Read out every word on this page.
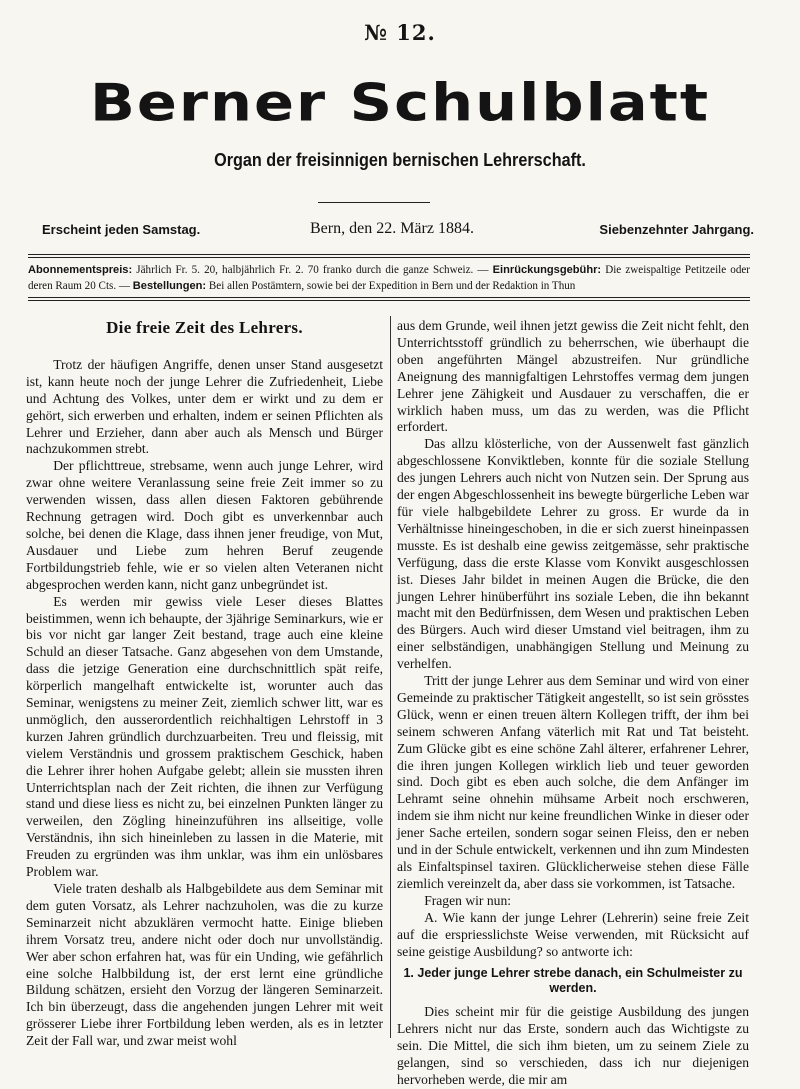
№ 12.
Berner Schulblatt
Organ der freisinnigen bernischen Lehrerschaft.
Erscheint jeden Samstag.	Bern, den 22. März 1884.	Siebenzehnter Jahrgang.
Abonnementspreis: Jährlich Fr. 5. 20, halbjährlich Fr. 2. 70 franko durch die ganze Schweiz. — Einrückungsgebühr: Die zweispaltige Petitzeile oder deren Raum 20 Cts. — Bestellungen: Bei allen Postämtern, sowie bei der Expedition in Bern und der Redaktion in Thun
Die freie Zeit des Lehrers.

Trotz der häufigen Angriffe, denen unser Stand ausgesetzt ist, kann heute noch der junge Lehrer die Zufriedenheit, Liebe und Achtung des Volkes, unter dem er wirkt und zu dem er gehört, sich erwerben und erhalten, indem er seinen Pflichten als Lehrer und Erzieher, dann aber auch als Mensch und Bürger nachzukommen strebt.

Der pflichttreue, strebsame, wenn auch junge Lehrer, wird zwar ohne weitere Veranlassung seine freie Zeit immer so zu verwenden wissen, dass allen diesen Faktoren gebührende Rechnung getragen wird. Doch gibt es unverkennbar auch solche, bei denen die Klage, dass ihnen jener freudige, von Mut, Ausdauer und Liebe zum hehren Beruf zeugende Fortbildungstrieb fehle, wie er so vielen alten Veteranen nicht abgesprochen werden kann, nicht ganz unbegründet ist.

Es werden mir gewiss viele Leser dieses Blattes beistimmen, wenn ich behaupte, der 3jährige Seminarkurs, wie er bis vor nicht gar langer Zeit bestand, trage auch eine kleine Schuld an dieser Tatsache. Ganz abgesehen von dem Umstande, dass die jetzige Generation eine durchschnittlich spät reife, körperlich mangelhaft entwickelte ist, worunter auch das Seminar, wenigstens zu meiner Zeit, ziemlich schwer litt, war es unmöglich, den ausserordentlich reichhaltigen Lehrstoff in 3 kurzen Jahren gründlich durchzuarbeiten. Treu und fleissig, mit vielem Verständnis und grossem praktischem Geschick, haben die Lehrer ihrer hohen Aufgabe gelebt; allein sie mussten ihren Unterrichtsplan nach der Zeit richten, die ihnen zur Verfügung stand und diese liess es nicht zu, bei einzelnen Punkten länger zu verweilen, den Zögling hineinzuführen ins allseitige, volle Verständnis, ihn sich hineinleben zu lassen in die Materie, mit Freuden zu ergründen was ihm unklar, was ihm ein unlösbares Problem war.

Viele traten deshalb als Halbgebildete aus dem Seminar mit dem guten Vorsatz, als Lehrer nachzuholen, was die zu kurze Seminarzeit nicht abzuklären vermocht hatte. Einige blieben ihrem Vorsatz treu, andere nicht oder doch nur unvollständig. Wer aber schon erfahren hat, was für ein Unding, wie gefährlich eine solche Halbbildung ist, der erst lernt eine gründliche Bildung schätzen, ersieht den Vorzug der längeren Seminarzeit. Ich bin überzeugt, dass die angehenden jungen Lehrer mit weit grösserer Liebe ihrer Fortbildung leben werden, als es in letzter Zeit der Fall war, und zwar meist wohl

aus dem Grunde, weil ihnen jetzt gewiss die Zeit nicht fehlt, den Unterrichtsstoff gründlich zu beherrschen, wie überhaupt die oben angeführten Mängel abzustreifen. Nur gründliche Aneignung des mannigfaltigen Lehrstoffes vermag dem jungen Lehrer jene Zähigkeit und Ausdauer zu verschaffen, die er wirklich haben muss, um das zu werden, was die Pflicht erfordert.

Das allzu klösterliche, von der Aussenwelt fast gänzlich abgeschlossene Konviktleben, konnte für die soziale Stellung des jungen Lehrers auch nicht von Nutzen sein. Der Sprung aus der engen Abgeschlossenheit ins bewegte bürgerliche Leben war für viele halbgebildete Lehrer zu gross. Er wurde da in Verhältnisse hineingeschoben, in die er sich zuerst hineinpassen musste. Es ist deshalb eine gewiss zeitgemässe, sehr praktische Verfügung, dass die erste Klasse vom Konvikt ausgeschlossen ist. Dieses Jahr bildet in meinen Augen die Brücke, die den jungen Lehrer hinüberführt ins soziale Leben, die ihn bekannt macht mit den Bedürfnissen, dem Wesen und praktischen Leben des Bürgers. Auch wird dieser Umstand viel beitragen, ihm zu einer selbständigen, unabhängigen Stellung und Meinung zu verhelfen.

Tritt der junge Lehrer aus dem Seminar und wird von einer Gemeinde zu praktischer Tätigkeit angestellt, so ist sein grösstes Glück, wenn er einen treuen ältern Kollegen trifft, der ihm bei seinem schweren Anfang väterlich mit Rat und Tat beisteht. Zum Glücke gibt es eine schöne Zahl älterer, erfahrener Lehrer, die ihren jungen Kollegen wirklich lieb und teuer geworden sind. Doch gibt es eben auch solche, die dem Anfänger im Lehramt seine ohnehin mühsame Arbeit noch erschweren, indem sie ihm nicht nur keine freundlichen Winke in dieser oder jener Sache erteilen, sondern sogar seinen Fleiss, den er neben und in der Schule entwickelt, verkennen und ihn zum Mindesten als Einfaltspinsel taxiren. Glücklicherweise stehen diese Fälle ziemlich vereinzelt da, aber dass sie vorkommen, ist Tatsache.

Fragen wir nun:

A. Wie kann der junge Lehrer (Lehrerin) seine freie Zeit auf die erspriesslichste Weise verwenden, mit Rücksicht auf seine geistige Ausbildung? so antworte ich:

1. Jeder junge Lehrer strebe danach, ein Schulmeister zu werden.

Dies scheint mir für die geistige Ausbildung des jungen Lehrers nicht nur das Erste, sondern auch das Wichtigste zu sein. Die Mittel, die sich ihm bieten, um zu seinem Ziele zu gelangen, sind so verschieden, dass ich nur diejenigen hervorheben werde, die mir am
